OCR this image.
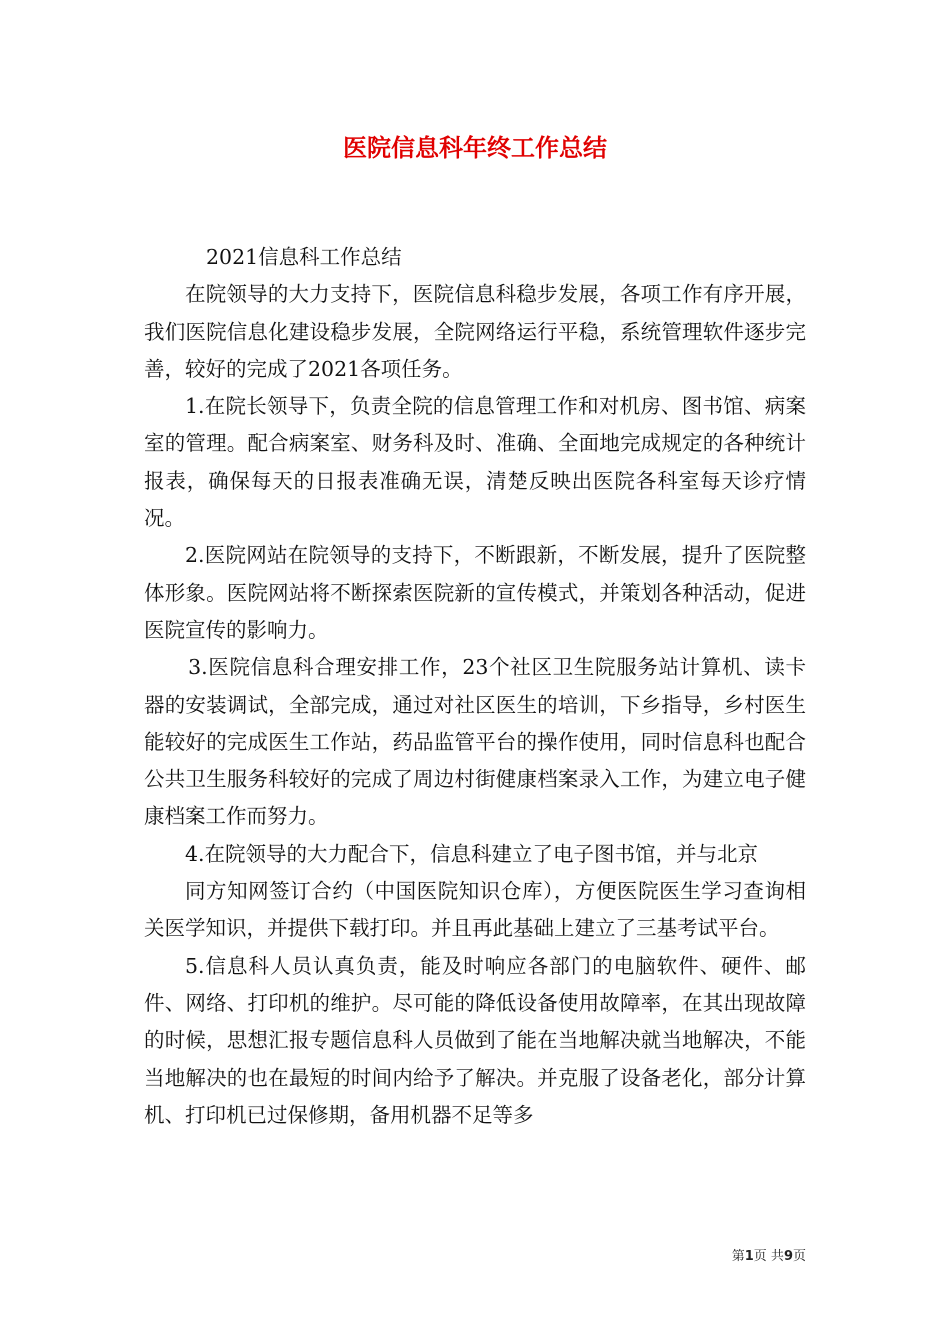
医院信息科年终工作总结

2021信息科工作总结

在院领导的大力支持下，医院信息科稳步发展，各项工作有序开展，我们医院信息化建设稳步发展，全院网络运行平稳，系统管理软件逐步完善，较好的完成了2021各项任务。

1.在院长领导下，负责全院的信息管理工作和对机房、图书馆、病案室的管理。配合病案室、财务科及时、准确、全面地完成规定的各种统计报表，确保每天的日报表准确无误，清楚反映出医院各科室每天诊疗情况。

2.医院网站在院领导的支持下，不断跟新，不断发展，提升了医院整体形象。医院网站将不断探索医院新的宣传模式，并策划各种活动，促进医院宣传的影响力。

3.医院信息科合理安排工作，23个社区卫生院服务站计算机、读卡器的安装调试，全部完成，通过对社区医生的培训，下乡指导，乡村医生能较好的完成医生工作站，药品监管平台的操作使用，同时信息科也配合公共卫生服务科较好的完成了周边村街健康档案录入工作，为建立电子健康档案工作而努力。

4.在院领导的大力配合下，信息科建立了电子图书馆，并与北京

同方知网签订合约（中国医院知识仓库），方便医院医生学习查询相关医学知识，并提供下载打印。并且再此基础上建立了三基考试平台。

5.信息科人员认真负责，能及时响应各部门的电脑软件、硬件、邮件、网络、打印机的维护。尽可能的降低设备使用故障率，在其出现故障的时候，思想汇报专题信息科人员做到了能在当地解决就当地解决，不能当地解决的也在最短的时间内给予了解决。并克服了设备老化，部分计算机、打印机已过保修期，备用机器不足等多

第1页 共9页
